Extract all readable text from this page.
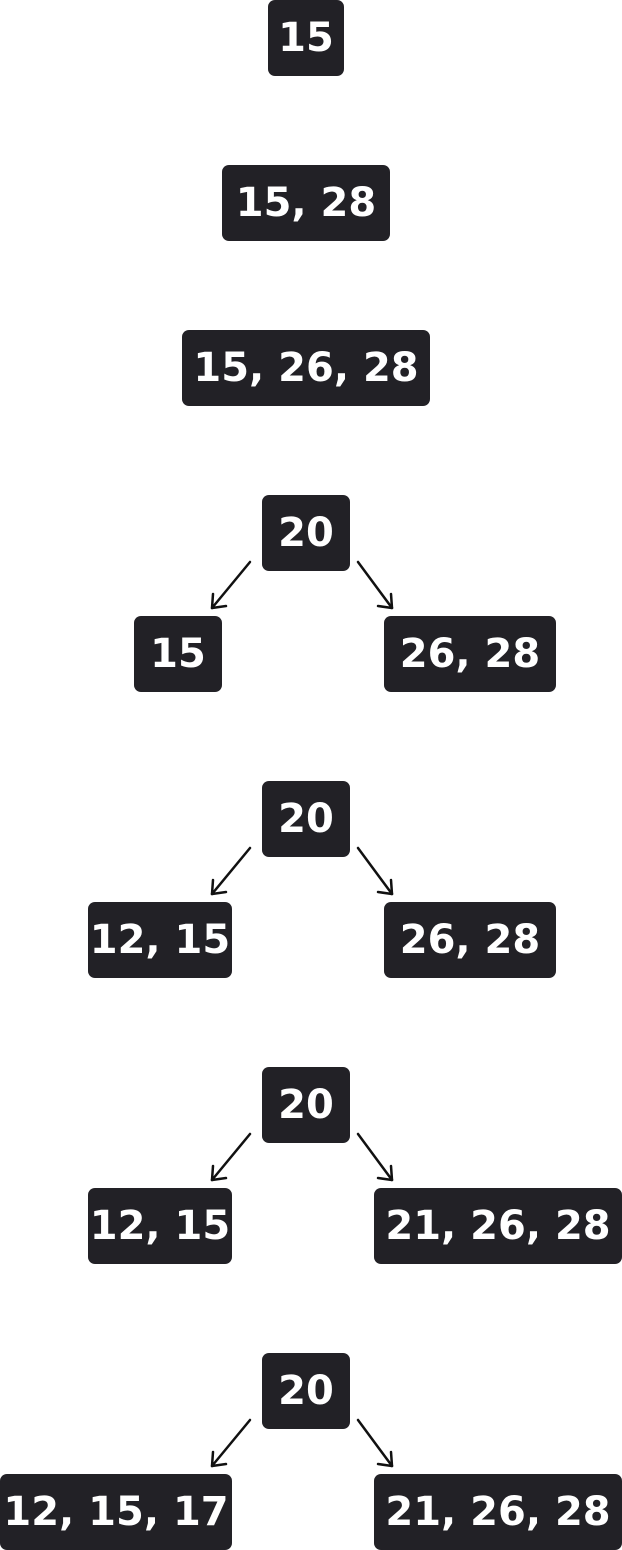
15
15, 28
15, 26, 28
20
15	26, 28
20
12, 15	26, 28
20
12, 15	21, 26, 28
20
12, 15, 17	21, 26, 28
